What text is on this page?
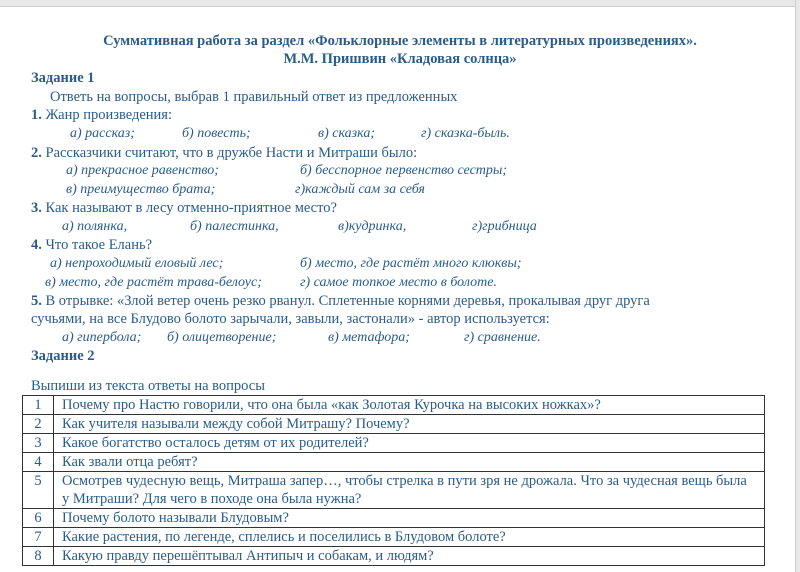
Суммативная работа за раздел «Фольклорные элементы в литературных произведениях».

М.М. Пришвин «Кладовая солнца»

Задание 1

Ответь на вопросы, выбрав 1 правильный ответ из предложенных

1. Жанр произведения:

а) рассказ;	б) повесть;	в) сказка;	г) сказка-быль.

2. Рассказчики считают, что в дружбе Насти и Митраши было:

а) прекрасное равенство;	б) бесспорное первенство сестры;
в) преимущество брата;	г)каждый сам за себя

3. Как называют в лесу отменно-приятное место?

а) полянка,	б) палестинка,	в)кудринка,	г)грибница

4. Что такое Елань?

а) непроходимый еловый лес;	б) место, где растёт много клюквы;
в) место, где растёт трава-белоус;	г) самое топкое место в болоте.

5. В отрывке: «Злой ветер очень резко рванул. Сплетенные корнями деревья, прокалывая друг друга

сучьями, на все Блудово болото зарычали, завыли, застонали» - автор используется:

а) гипербола; б) олицетворение;	в) метафора;	г) сравнение.

Задание 2

Выпиши из текста ответы на вопросы

1	Почему про Настю говорили, что она была «как Золотая Курочка на высоких ножках»?
2	Как учителя называли между собой Митрашу? Почему?
3	Какое богатство осталось детям от их родителей?
4	Как звали отца ребят?
5	Осмотрев чудесную вещь, Митраша запер…, чтобы стрелка в пути зря не дрожала. Что за чудесная вещь была у Митраши? Для чего в походе она была нужна?
6	Почему болото называли Блудовым?
7	Какие растения, по легенде, сплелись и поселились в Блудовом болоте?
8	Какую правду перешёптывал Антипыч и собакам, и людям?
